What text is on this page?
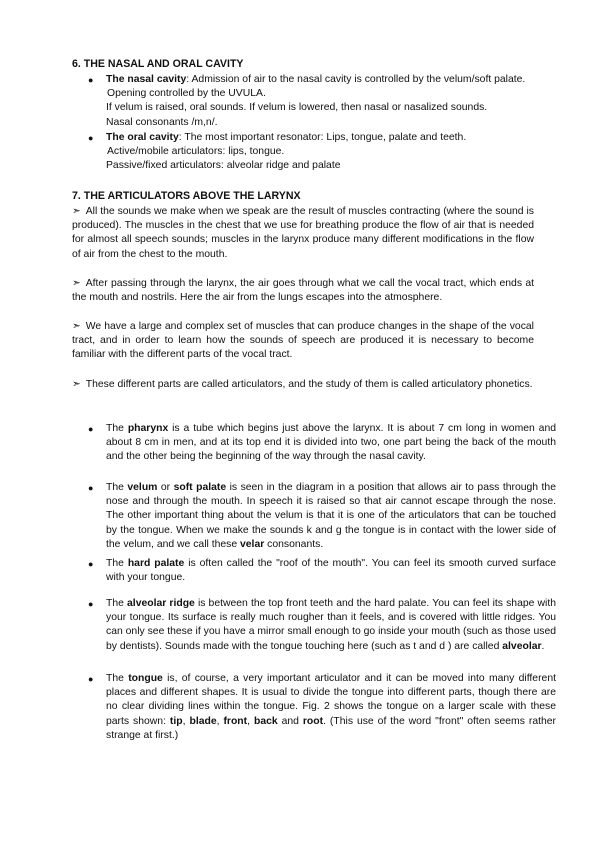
6. THE NASAL AND ORAL CAVITY
● The nasal cavity: Admission of air to the nasal cavity is controlled by the velum/soft palate.
Opening controlled by the UVULA.
If velum is raised, oral sounds. If velum is lowered, then nasal or nasalized sounds.
Nasal consonants /m,n/.
● The oral cavity: The most important resonator: Lips, tongue, palate and teeth.
Active/mobile articulators: lips, tongue.
Passive/fixed articulators: alveolar ridge and palate
7. THE ARTICULATORS ABOVE THE LARYNX

➣ All the sounds we make when we speak are the result of muscles contracting (where the sound is produced). The muscles in the chest that we use for breathing produce the flow of air that is needed for almost all speech sounds; muscles in the larynx produce many different modifications in the flow of air from the chest to the mouth.

➣ After passing through the larynx, the air goes through what we call the vocal tract, which ends at the mouth and nostrils. Here the air from the lungs escapes into the atmosphere.

➣ We have a large and complex set of muscles that can produce changes in the shape of the vocal tract, and in order to learn how the sounds of speech are produced it is necessary to become familiar with the different parts of the vocal tract.

➣ These different parts are called articulators, and the study of them is called articulatory phonetics.

● The pharynx is a tube which begins just above the larynx. It is about 7 cm long in women and about 8 cm in men, and at its top end it is divided into two, one part being the back of the mouth and the other being the beginning of the way through the nasal cavity.
● The velum or soft palate is seen in the diagram in a position that allows air to pass through the nose and through the mouth. In speech it is raised so that air cannot escape through the nose. The other important thing about the velum is that it is one of the articulators that can be touched by the tongue. When we make the sounds k and g the tongue is in contact with the lower side of the velum, and we call these velar consonants.
● The hard palate is often called the "roof of the mouth". You can feel its smooth curved surface with your tongue.
● The alveolar ridge is between the top front teeth and the hard palate. You can feel its shape with your tongue. Its surface is really much rougher than it feels, and is covered with little ridges. You can only see these if you have a mirror small enough to go inside your mouth (such as those used by dentists). Sounds made with the tongue touching here (such as t and d ) are called alveolar.
● The tongue is, of course, a very important articulator and it can be moved into many different places and different shapes. It is usual to divide the tongue into different parts, though there are no clear dividing lines within the tongue. Fig. 2 shows the tongue on a larger scale with these parts shown: tip, blade, front, back and root. (This use of the word "front" often seems rather strange at first.)
